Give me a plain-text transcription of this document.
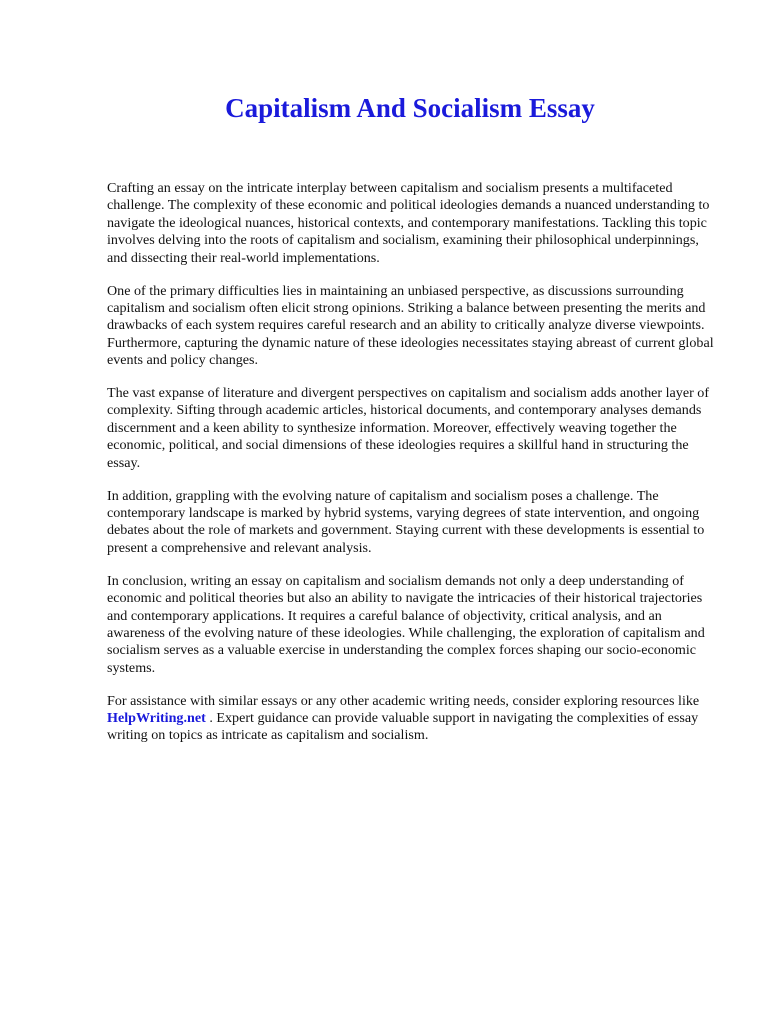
Capitalism And Socialism Essay

Crafting an essay on the intricate interplay between capitalism and socialism presents a multifaceted challenge. The complexity of these economic and political ideologies demands a nuanced understanding to navigate the ideological nuances, historical contexts, and contemporary manifestations. Tackling this topic involves delving into the roots of capitalism and socialism, examining their philosophical underpinnings, and dissecting their real-world implementations.

One of the primary difficulties lies in maintaining an unbiased perspective, as discussions surrounding capitalism and socialism often elicit strong opinions. Striking a balance between presenting the merits and drawbacks of each system requires careful research and an ability to critically analyze diverse viewpoints. Furthermore, capturing the dynamic nature of these ideologies necessitates staying abreast of current global events and policy changes.

The vast expanse of literature and divergent perspectives on capitalism and socialism adds another layer of complexity. Sifting through academic articles, historical documents, and contemporary analyses demands discernment and a keen ability to synthesize information. Moreover, effectively weaving together the economic, political, and social dimensions of these ideologies requires a skillful hand in structuring the essay.

In addition, grappling with the evolving nature of capitalism and socialism poses a challenge. The contemporary landscape is marked by hybrid systems, varying degrees of state intervention, and ongoing debates about the role of markets and government. Staying current with these developments is essential to present a comprehensive and relevant analysis.

In conclusion, writing an essay on capitalism and socialism demands not only a deep understanding of economic and political theories but also an ability to navigate the intricacies of their historical trajectories and contemporary applications. It requires a careful balance of objectivity, critical analysis, and an awareness of the evolving nature of these ideologies. While challenging, the exploration of capitalism and socialism serves as a valuable exercise in understanding the complex forces shaping our socio-economic systems.

For assistance with similar essays or any other academic writing needs, consider exploring resources like HelpWriting.net . Expert guidance can provide valuable support in navigating the complexities of essay writing on topics as intricate as capitalism and socialism.
